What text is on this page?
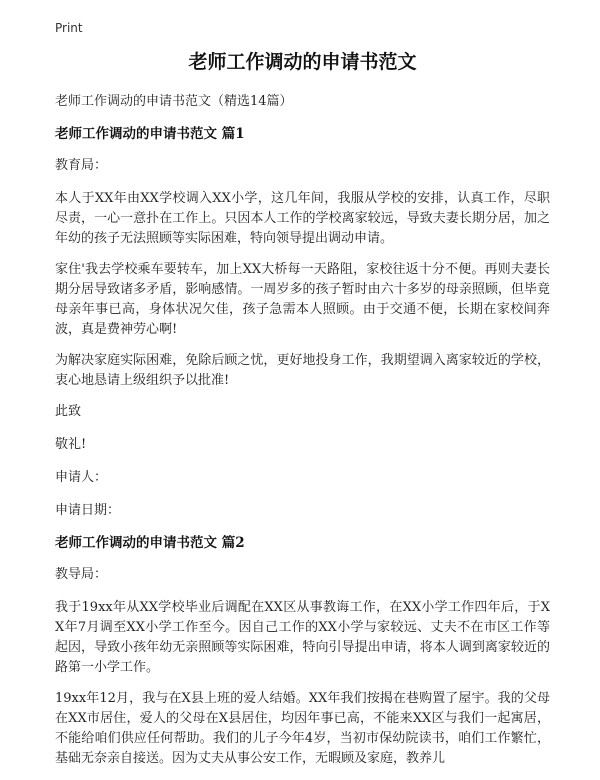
Print
老师工作调动的申请书范文
老师工作调动的申请书范文（精选14篇）
老师工作调动的申请书范文 篇1
教育局：
本人于XX年由XX学校调入XX小学，这几年间，我服从学校的安排，认真工作，尽职尽责，一心一意扑在工作上。只因本人工作的学校离家较远，导致夫妻长期分居，加之年幼的孩子无法照顾等实际困难，特向领导提出调动申请。
家住'我去学校乘车要转车，加上XX大桥每一天路阻，家校往返十分不便。再则夫妻长期分居导致诸多矛盾，影响感情。一周岁多的孩子暂时由六十多岁的母亲照顾，但毕竟母亲年事已高，身体状况欠佳，孩子急需本人照顾。由于交通不便，长期在家校间奔波，真是费神劳心啊!
为解决家庭实际困难，免除后顾之忧，更好地投身工作，我期望调入离家较近的学校，衷心地恳请上级组织予以批准!
此致
敬礼!
申请人：
申请日期：
老师工作调动的申请书范文 篇2
教导局：
我于19xx年从XX学校毕业后调配在XX区从事教诲工作，在XX小学工作四年后，于XX年7月调至XX小学工作至今。因自己工作的XX小学与家较远、丈夫不在市区工作等起因，导致小孩年幼无亲照顾等实际困难，特向引导提出申请，将本人调到离家较近的路第一小学工作。
19xx年12月，我与在X县上班的爱人结婚。XX年我们按揭在巷购置了屋宇。我的父母在XX市居住，爱人的父母在X县居住，均因年事已高，不能来XX区与我们一起寓居，不能给咱们供应任何帮助。我们的儿子今年4岁，当初市保幼院读书，咱们工作繁忙，基础无奈亲自接送。因为丈夫从事公安工作，无暇顾及家庭，教养儿
